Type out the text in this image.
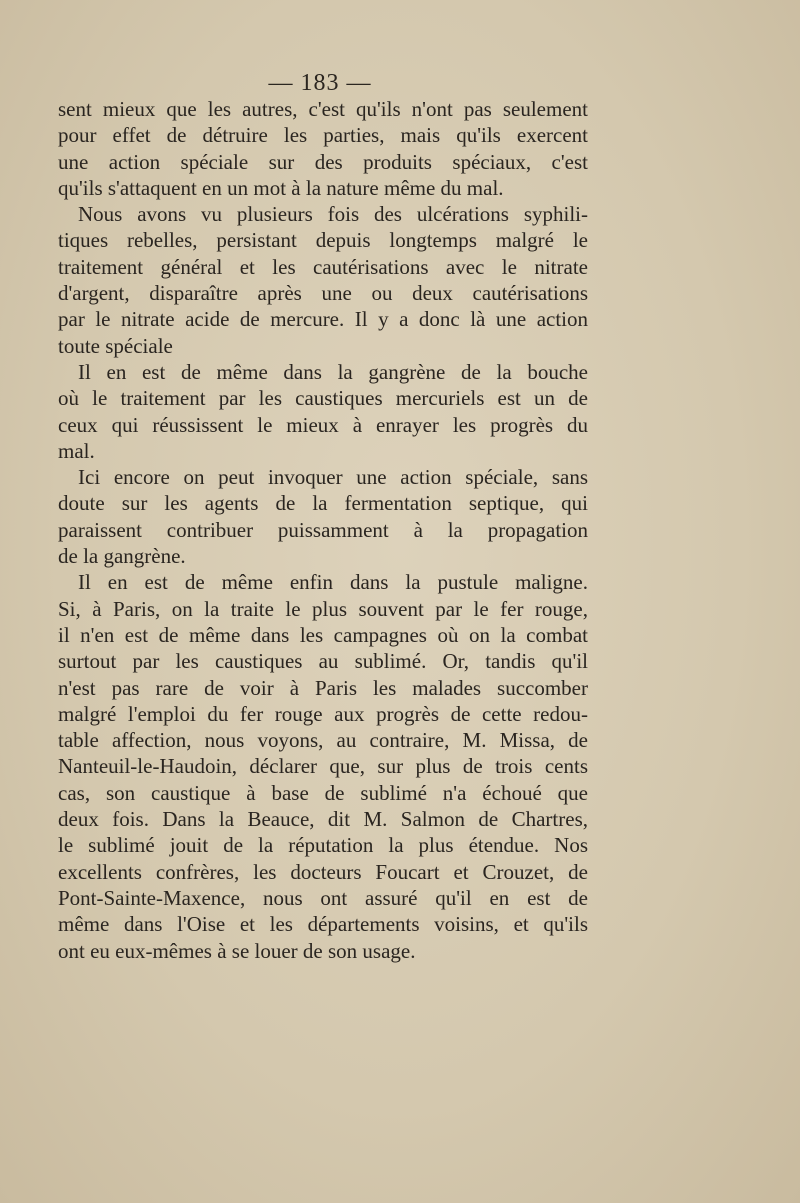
— 183 —
sent mieux que les autres, c'est qu'ils n'ont pas seulement
pour effet de détruire les parties, mais qu'ils exercent
une action spéciale sur des produits spéciaux, c'est
qu'ils s'attaquent en un mot à la nature même du mal.
Nous avons vu plusieurs fois des ulcérations syphili-
tiques rebelles, persistant depuis longtemps malgré le
traitement général et les cautérisations avec le nitrate
d'argent, disparaître après une ou deux cautérisations
par le nitrate acide de mercure. Il y a donc là une action
toute spéciale
Il en est de même dans la gangrène de la bouche
où le traitement par les caustiques mercuriels est un de
ceux qui réussissent le mieux à enrayer les progrès du
mal.
Ici encore on peut invoquer une action spéciale, sans
doute sur les agents de la fermentation septique, qui
paraissent contribuer puissamment à la propagation
de la gangrène.
Il en est de même enfin dans la pustule maligne.
Si, à Paris, on la traite le plus souvent par le fer rouge,
il n'en est de même dans les campagnes où on la combat
surtout par les caustiques au sublimé. Or, tandis qu'il
n'est pas rare de voir à Paris les malades succomber
malgré l'emploi du fer rouge aux progrès de cette redou-
table affection, nous voyons, au contraire, M. Missa, de
Nanteuil-le-Haudoin, déclarer que, sur plus de trois cents
cas, son caustique à base de sublimé n'a échoué que
deux fois. Dans la Beauce, dit M. Salmon de Chartres,
le sublimé jouit de la réputation la plus étendue. Nos
excellents confrères, les docteurs Foucart et Crouzet, de
Pont-Sainte-Maxence, nous ont assuré qu'il en est de
même dans l'Oise et les départements voisins, et qu'ils
ont eu eux-mêmes à se louer de son usage.
